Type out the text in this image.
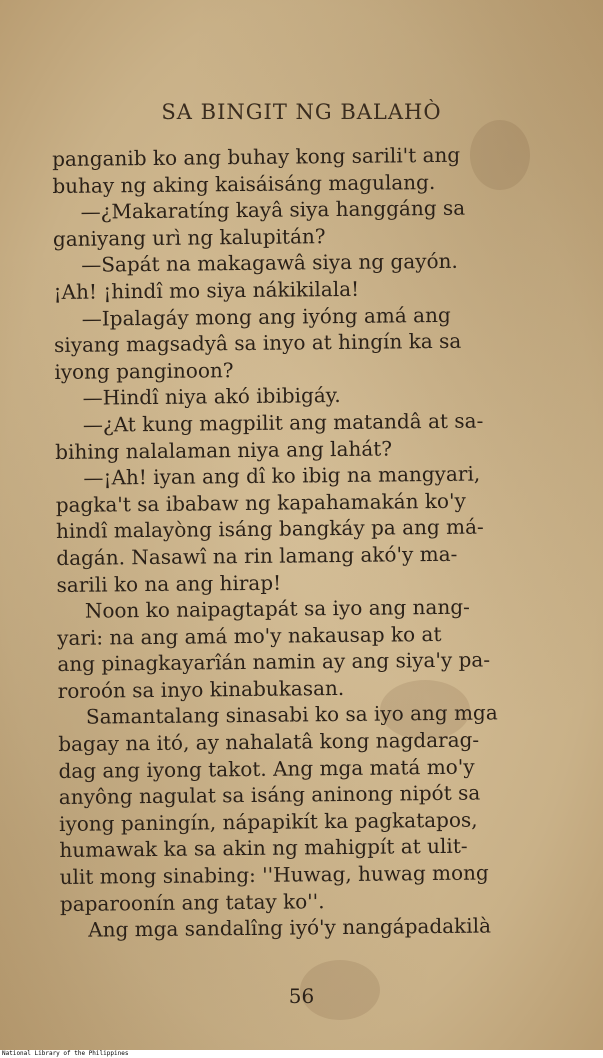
SA BINGIT NG BALAHÒ
panganib ko ang buhay kong sarili't ang
buhay ng aking kaisáisáng magulang.
—¿Makaratíng kayâ siya hanggáng sa
ganiyang urì ng kalupitán?
—Sapát na makagawâ siya ng gayón.
¡Ah! ¡hindî mo siya nákikilala!
—Ipalagáy mong ang iyóng amá ang
siyang magsadyâ sa inyo at hingín ka sa
iyong panginoon?
—Hindî niya akó ibibigáy.
—¿At kung magpilit ang matandâ at sa-
bihing nalalaman niya ang lahát?
—¡Ah! iyan ang dî ko ibig na mangyari,
pagka't sa ibabaw ng kapahamakán ko'y
hindî malayòng isáng bangkáy pa ang má-
dagán. Nasawî na rin lamang akó'y ma-
sarili ko na ang hirap!
Noon ko naipagtapát sa iyo ang nang-
yari: na ang amá mo'y nakausap ko at
ang pinagkayarîán namin ay ang siya'y pa-
roroón sa inyo kinabukasan.
Samantalang sinasabi ko sa iyo ang mga
bagay na itó, ay nahalatâ kong nagdarag-
dag ang iyong takot. Ang mga matá mo'y
anyông nagulat sa isáng aninong nipót sa
iyong paningín, nápapikít ka pagkatapos,
humawak ka sa akin ng mahigpít at ulit-
ulit mong sinabing: ''Huwag, huwag mong
paparoonín ang tatay ko''.
Ang mga sandalîng iyó'y nangápadakilà
56
National Library of the Philippines
